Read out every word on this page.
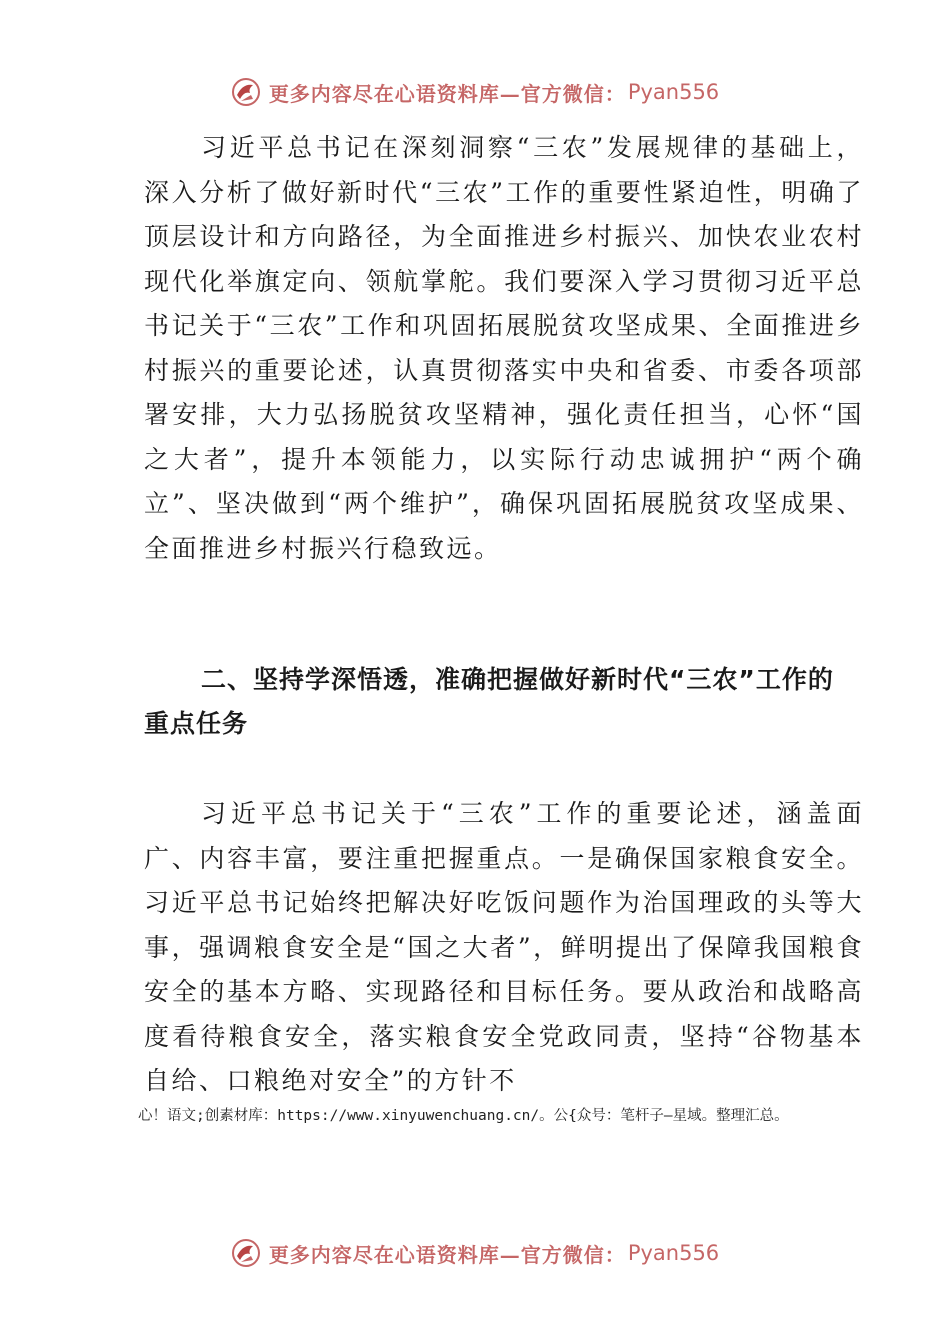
更多内容尽在心语资料库—官方微信： Pyan556

习近平总书记在深刻洞察“三农”发展规律的基础上，深入分析了做好新时代“三农”工作的重要性紧迫性，明确了顶层设计和方向路径，为全面推进乡村振兴、加快农业农村现代化举旗定向、领航掌舵。我们要深入学习贯彻习近平总书记关于“三农”工作和巩固拓展脱贫攻坚成果、全面推进乡村振兴的重要论述，认真贯彻落实中央和省委、市委各项部署安排，大力弘扬脱贫攻坚精神，强化责任担当，心怀“国之大者”，提升本领能力，以实际行动忠诚拥护“两个确立”、坚决做到“两个维护”，确保巩固拓展脱贫攻坚成果、全面推进乡村振兴行稳致远。

二、坚持学深悟透，准确把握做好新时代“三农”工作的重点任务

习近平总书记关于“三农”工作的重要论述，涵盖面广、内容丰富，要注重把握重点。一是确保国家粮食安全。习近平总书记始终把解决好吃饭问题作为治国理政的头等大事，强调粮食安全是“国之大者”，鲜明提出了保障我国粮食安全的基本方略、实现路径和目标任务。要从政治和战略高度看待粮食安全，落实粮食安全党政同责，坚持“谷物基本自给、口粮绝对安全”的方针不

心！语文;创素材库：https://www.xinyuwenchuang.cn/。公{众号：笔杆子—星域。整理汇总。

更多内容尽在心语资料库—官方微信： Pyan556
